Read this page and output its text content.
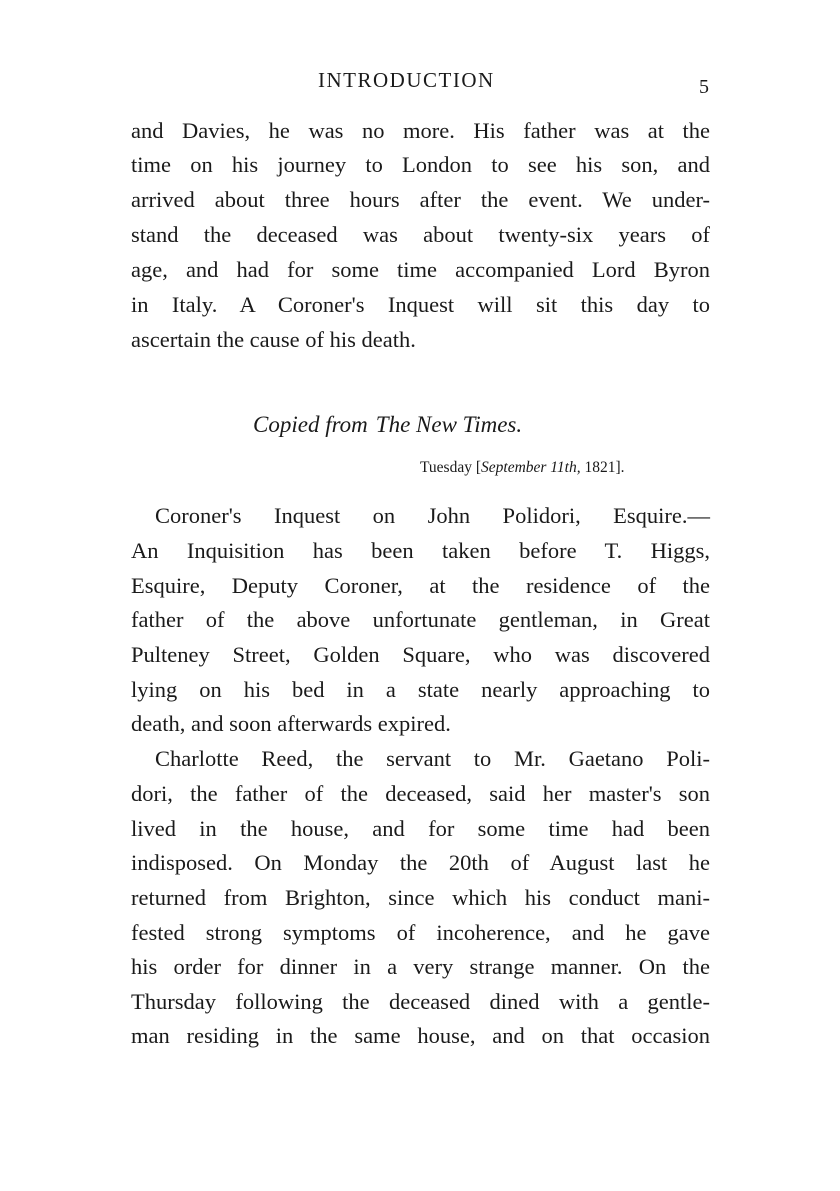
INTRODUCTION	5
and Davies, he was no more. His father was at the
time on his journey to London to see his son, and
arrived about three hours after the event. We under-
stand the deceased was about twenty-six years of
age, and had for some time accompanied Lord Byron
in Italy. A Coroner's Inquest will sit this day to
ascertain the cause of his death.
Copied from The New Times.
Tuesday [September 11th, 1821].
Coroner's Inquest on John Polidori, Esquire.—
An Inquisition has been taken before T. Higgs,
Esquire, Deputy Coroner, at the residence of the
father of the above unfortunate gentleman, in Great
Pulteney Street, Golden Square, who was discovered
lying on his bed in a state nearly approaching to
death, and soon afterwards expired.
Charlotte Reed, the servant to Mr. Gaetano Poli-
dori, the father of the deceased, said her master's son
lived in the house, and for some time had been
indisposed. On Monday the 20th of August last he
returned from Brighton, since which his conduct mani-
fested strong symptoms of incoherence, and he gave
his order for dinner in a very strange manner. On the
Thursday following the deceased dined with a gentle-
man residing in the same house, and on that occasion
